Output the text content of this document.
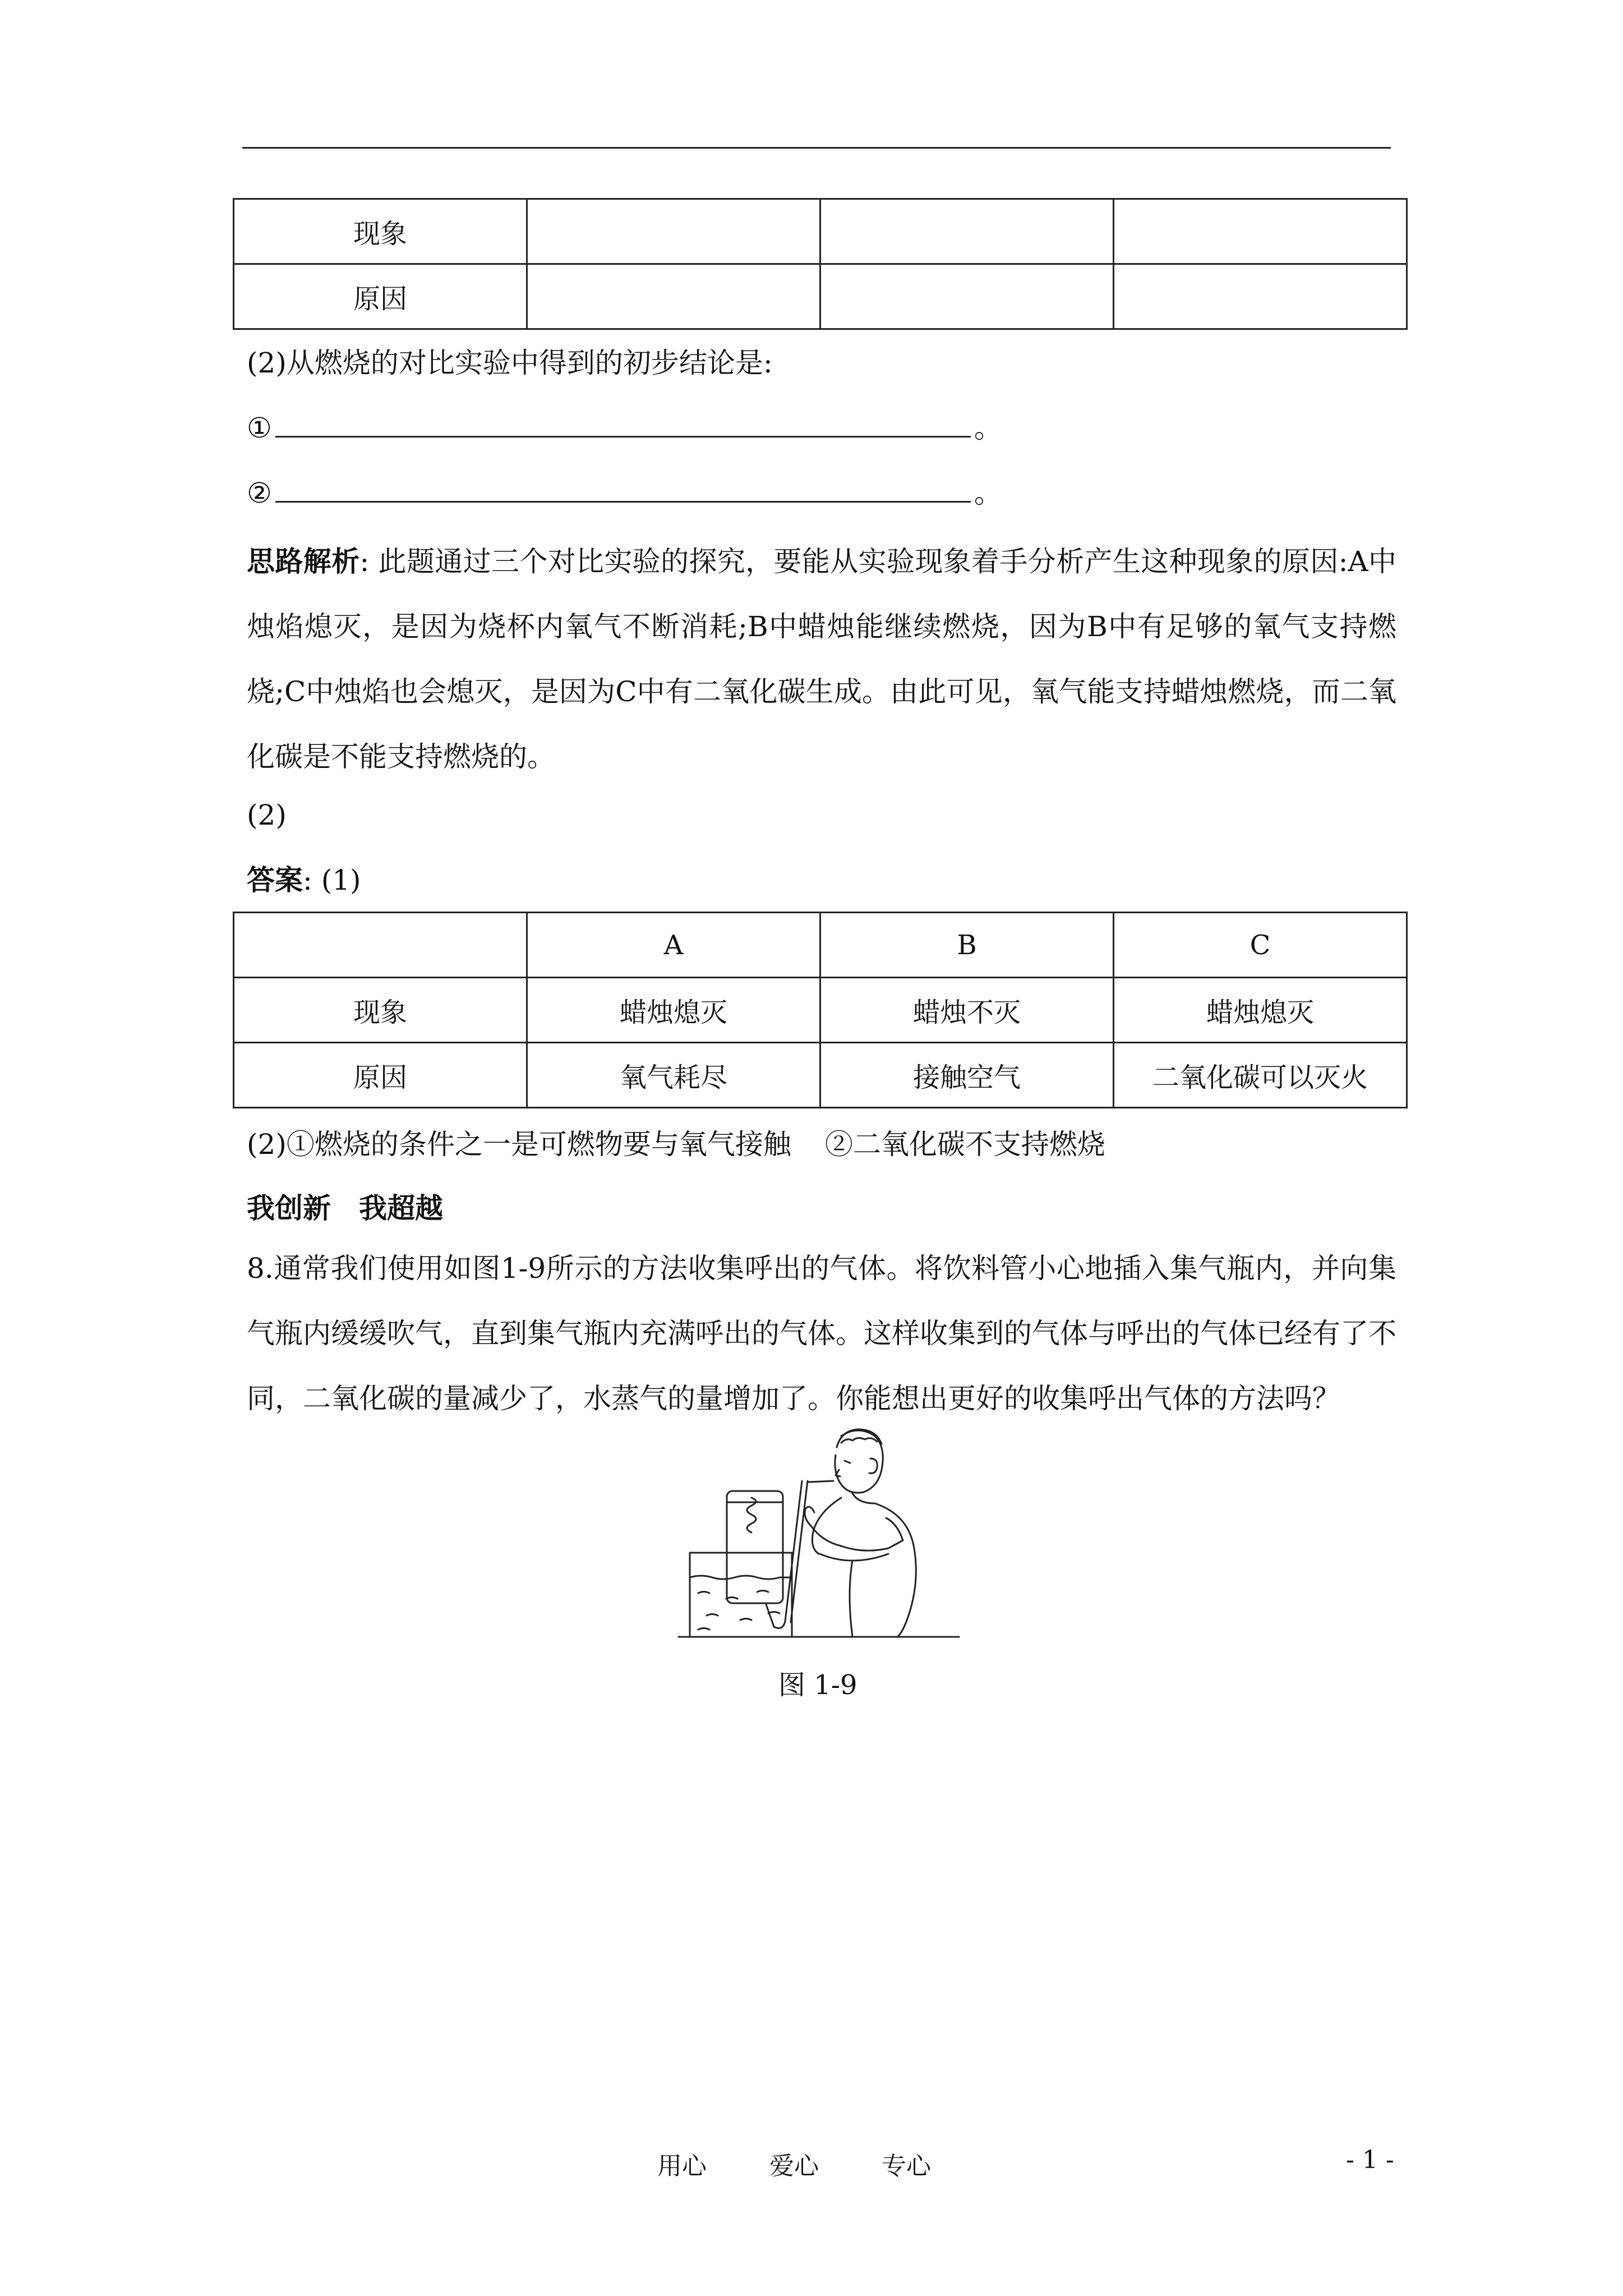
现象			
原因			
(2)从燃烧的对比实验中得到的初步结论是:
①	。
②	。
思路解析: 此题通过三个对比实验的探究，要能从实验现象着手分析产生这种现象的原因:A中烛焰熄灭，是因为烧杯内氧气不断消耗;B中蜡烛能继续燃烧，因为B中有足够的氧气支持燃烧;C中烛焰也会熄灭，是因为C中有二氧化碳生成。由此可见，氧气能支持蜡烛燃烧，而二氧化碳是不能支持燃烧的。
(2)
答案: (1)
	A	B	C
现象	蜡烛熄灭	蜡烛不灭	蜡烛熄灭
原因	氧气耗尽	接触空气	二氧化碳可以灭火
(2)①燃烧的条件之一是可燃物要与氧气接触 ②二氧化碳不支持燃烧
我创新　我超越
8.通常我们使用如图1-9所示的方法收集呼出的气体。将饮料管小心地插入集气瓶内，并向集气瓶内缓缓吹气，直到集气瓶内充满呼出的气体。这样收集到的气体与呼出的气体已经有了不同，二氧化碳的量减少了，水蒸气的量增加了。你能想出更好的收集呼出气体的方法吗？
图 1-9
用心	爱心	专心	- 1 -
